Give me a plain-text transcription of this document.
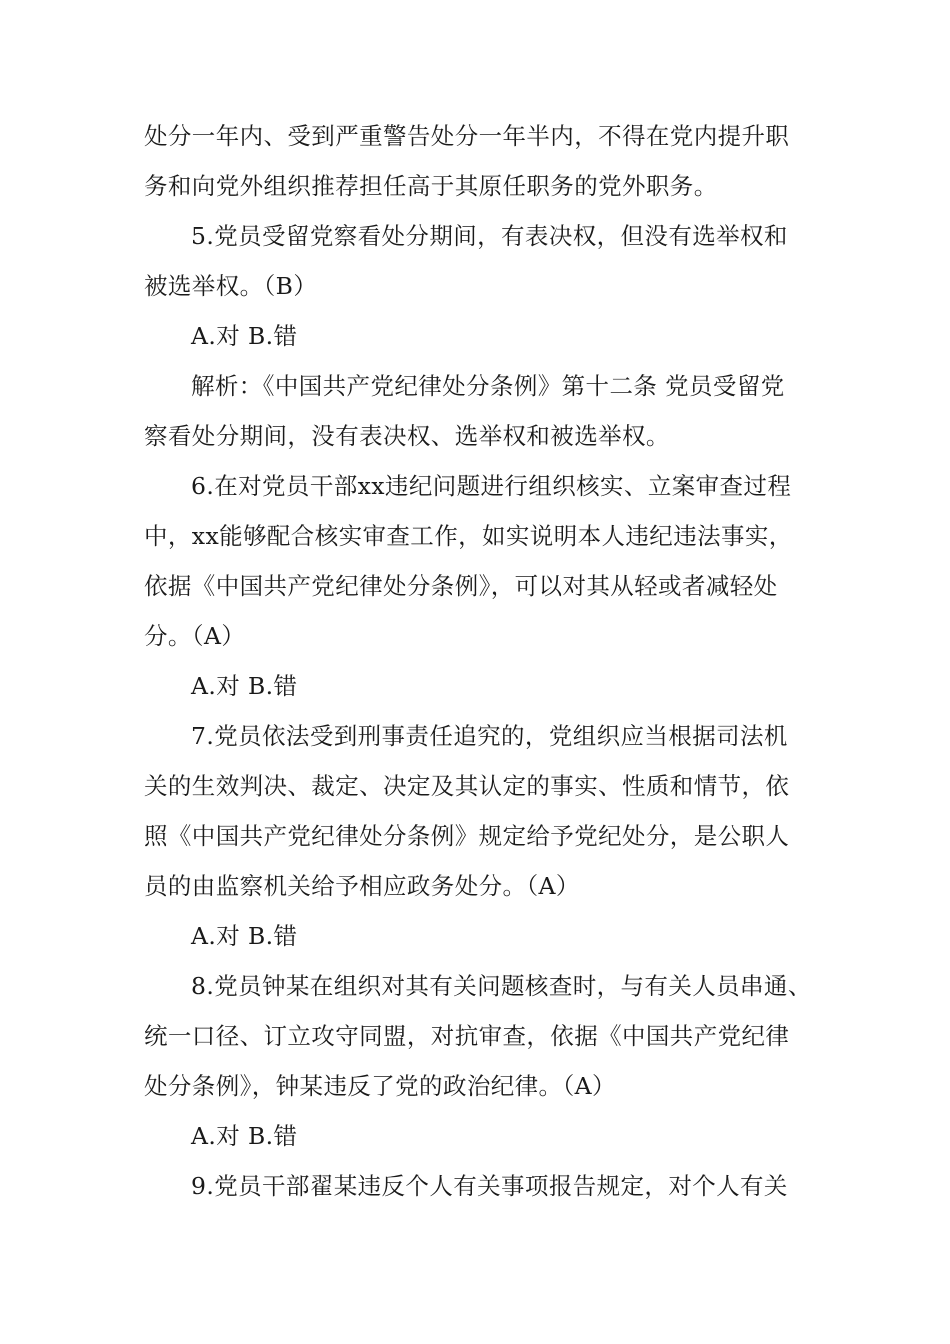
处分一年内、受到严重警告处分一年半内，不得在党内提升职
务和向党外组织推荐担任高于其原任职务的党外职务。
5.党员受留党察看处分期间，有表决权，但没有选举权和
被选举权。（B）
A.对 B.错
解析：《中国共产党纪律处分条例》第十二条 党员受留党
察看处分期间，没有表决权、选举权和被选举权。
6.在对党员干部xx违纪问题进行组织核实、立案审查过程
中，xx能够配合核实审查工作，如实说明本人违纪违法事实，
依据《中国共产党纪律处分条例》，可以对其从轻或者减轻处
分。（A）
A.对 B.错
7.党员依法受到刑事责任追究的，党组织应当根据司法机
关的生效判决、裁定、决定及其认定的事实、性质和情节，依
照《中国共产党纪律处分条例》规定给予党纪处分，是公职人
员的由监察机关给予相应政务处分。（A）
A.对 B.错
8.党员钟某在组织对其有关问题核查时，与有关人员串通、
统一口径、订立攻守同盟，对抗审查，依据《中国共产党纪律
处分条例》，钟某违反了党的政治纪律。（A）
A.对 B.错
9.党员干部翟某违反个人有关事项报告规定，对个人有关
